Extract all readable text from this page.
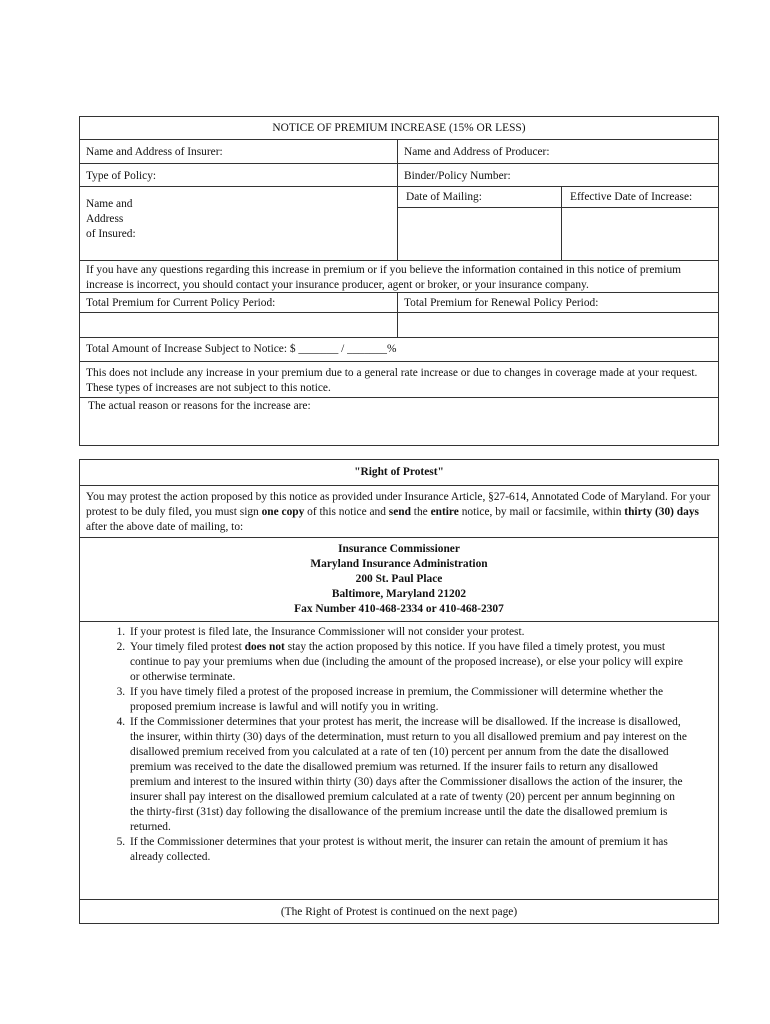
NOTICE OF PREMIUM INCREASE (15% OR LESS)
Name and Address of Insurer:	Name and Address of Producer:
Type of Policy:	Binder/Policy Number:
Name and
Address
of Insured:
Date of Mailing:	Effective Date of Increase:
If you have any questions regarding this increase in premium or if you believe the information contained in this notice of premium increase is incorrect, you should contact your insurance producer, agent or broker, or your insurance company.
Total Premium for Current Policy Period:	Total Premium for Renewal Policy Period:
Total Amount of Increase Subject to Notice: $ _______ / _______%
This does not include any increase in your premium due to a general rate increase or due to changes in coverage made at your request. These types of increases are not subject to this notice.
The actual reason or reasons for the increase are:
"Right of Protest"
You may protest the action proposed by this notice as provided under Insurance Article, §27-614, Annotated Code of Maryland. For your protest to be duly filed, you must sign one copy of this notice and send the entire notice, by mail or facsimile, within thirty (30) days after the above date of mailing, to:
Insurance Commissioner
Maryland Insurance Administration
200 St. Paul Place
Baltimore, Maryland 21202
Fax Number 410-468-2334 or 410-468-2307
1. If your protest is filed late, the Insurance Commissioner will not consider your protest.
2. Your timely filed protest does not stay the action proposed by this notice. If you have filed a timely protest, you must continue to pay your premiums when due (including the amount of the proposed increase), or else your policy will expire or otherwise terminate.
3. If you have timely filed a protest of the proposed increase in premium, the Commissioner will determine whether the proposed premium increase is lawful and will notify you in writing.
4. If the Commissioner determines that your protest has merit, the increase will be disallowed. If the increase is disallowed, the insurer, within thirty (30) days of the determination, must return to you all disallowed premium and pay interest on the disallowed premium received from you calculated at a rate of ten (10) percent per annum from the date the disallowed premium was received to the date the disallowed premium was returned. If the insurer fails to return any disallowed premium and interest to the insured within thirty (30) days after the Commissioner disallows the action of the insurer, the insurer shall pay interest on the disallowed premium calculated at a rate of twenty (20) percent per annum beginning on the thirty-first (31st) day following the disallowance of the premium increase until the date the disallowed premium is returned.
5. If the Commissioner determines that your protest is without merit, the insurer can retain the amount of premium it has already collected.
(The Right of Protest is continued on the next page)
